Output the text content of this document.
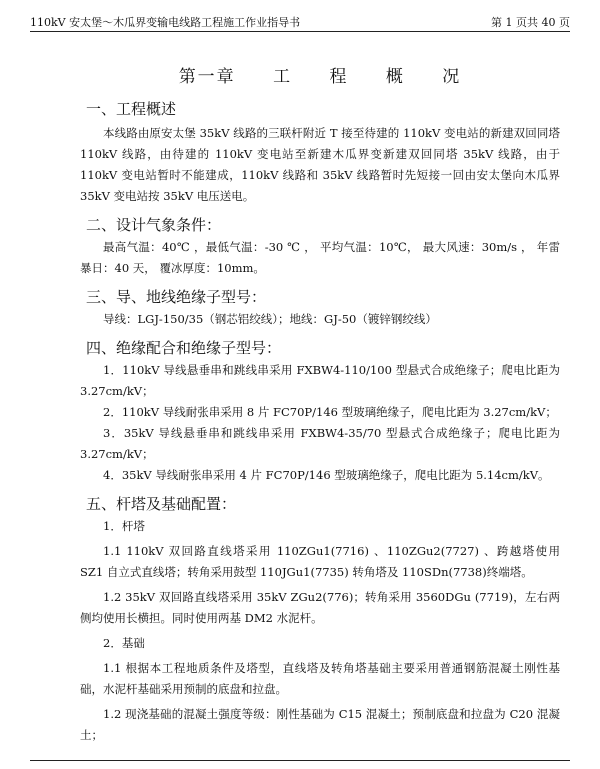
110kV 安太堡～木瓜界变输电线路工程施工作业指导书	第 1 页共 40 页
第一章 工 程 概 况
一、工程概述

本线路由原安太堡 35kV 线路的三联杆附近 T 接至待建的 110kV 变电站的新建双回同塔 110kV 线路，由待建的 110kV 变电站至新建木瓜界变新建双回同塔 35kV 线路，由于 110kV 变电站暂时不能建成，110kV 线路和 35kV 线路暂时先短接一回由安太堡向木瓜界 35kV 变电站按 35kV 电压送电。

二、设计气象条件：

最高气温：40℃ ，最低气温：-30 ℃ ， 平均气温：10℃， 最大风速：30m/s ， 年雷暴日：40 天， 覆冰厚度：10mm。

三、导、地线绝缘子型号：

导线：LGJ-150/35（钢芯铝绞线）；地线：GJ-50（镀锌钢绞线）

四、绝缘配合和绝缘子型号：

1．110kV 导线悬垂串和跳线串采用 FXBW4-110/100 型悬式合成绝缘子；爬电比距为 3.27cm/kV；

2．110kV 导线耐张串采用 8 片 FC70P/146 型玻璃绝缘子，爬电比距为 3.27cm/kV；

3．35kV 导线悬垂串和跳线串采用 FXBW4-35/70 型悬式合成绝缘子；爬电比距为 3.27cm/kV；

4．35kV 导线耐张串采用 4 片 FC70P/146 型玻璃绝缘子，爬电比距为 5.14cm/kV。

五、杆塔及基础配置：

1．杆塔

1.1 110kV 双回路直线塔采用 110ZGu1(7716) 、110ZGu2(7727) 、跨越塔使用 SZ1 自立式直线塔；转角采用鼓型 110JGu1(7735) 转角塔及 110SDn(7738)终端塔。

1.2 35kV 双回路直线塔采用 35kV ZGu2(776)；转角采用 3560DGu (7719)，左右两侧均使用长横担。同时使用两基 DM2 水泥杆。

2．基础

1.1 根据本工程地质条件及塔型，直线塔及转角塔基础主要采用普通钢筋混凝土刚性基础，水泥杆基础采用预制的底盘和拉盘。

1.2 现浇基础的混凝土强度等级：刚性基础为 C15 混凝土；预制底盘和拉盘为 C20 混凝土；
